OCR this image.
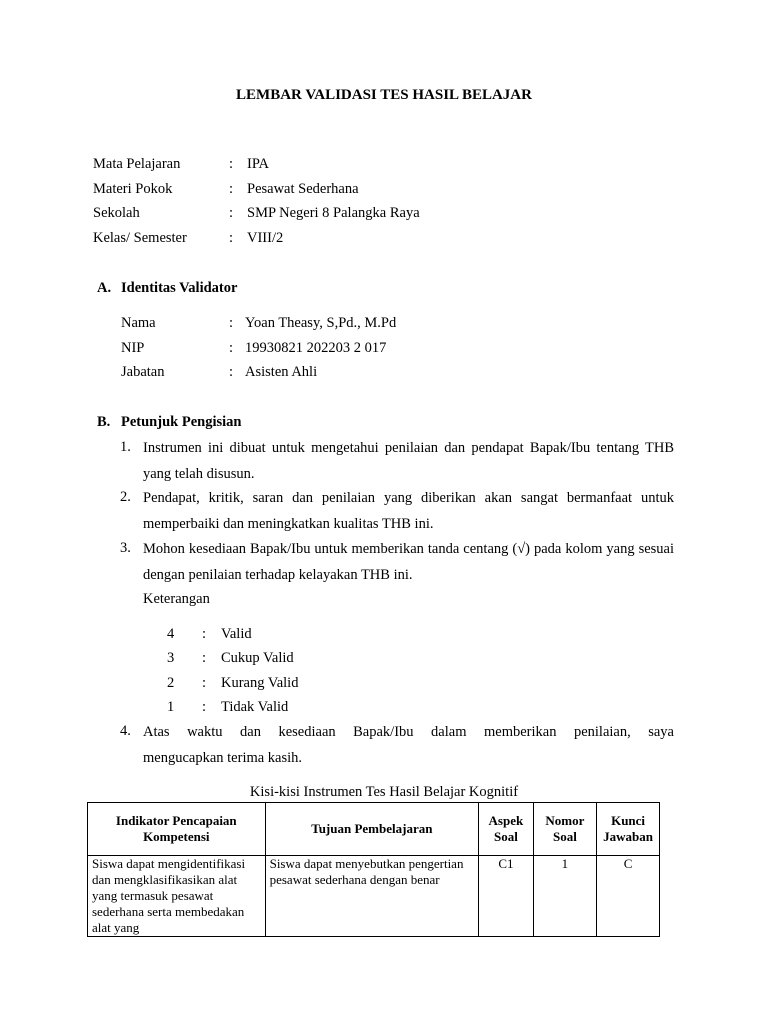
LEMBAR VALIDASI TES HASIL BELAJAR
Mata Pelajaran	: IPA
Materi Pokok	: Pesawat Sederhana
Sekolah	: SMP Negeri 8 Palangka Raya
Kelas/ Semester	: VIII/2
A. Identitas Validator
Nama	: Yoan Theasy, S,Pd., M.Pd
NIP	: 19930821 202203 2 017
Jabatan	: Asisten Ahli
B. Petunjuk Pengisian
1. Instrumen ini dibuat untuk mengetahui penilaian dan pendapat Bapak/Ibu tentang THB yang telah disusun.
2. Pendapat, kritik, saran dan penilaian yang diberikan akan sangat bermanfaat untuk memperbaiki dan meningkatkan kualitas THB ini.
3. Mohon kesediaan Bapak/Ibu untuk memberikan tanda centang (√) pada kolom yang sesuai dengan penilaian terhadap kelayakan THB ini.
Keterangan
4 : Valid
3 : Cukup Valid
2 : Kurang Valid
1 : Tidak Valid
4. Atas waktu dan kesediaan Bapak/Ibu dalam memberikan penilaian, saya
mengucapkan terima kasih.
Kisi-kisi Instrumen Tes Hasil Belajar Kognitif
Indikator Pencapaian Kompetensi	Tujuan Pembelajaran	Aspek Soal	Nomor Soal	Kunci Jawaban
Siswa dapat mengidentifikasi dan mengklasifikasikan alat yang termasuk pesawat sederhana serta membedakan alat yang	Siswa dapat menyebutkan pengertian pesawat sederhana dengan benar	C1	1	C
